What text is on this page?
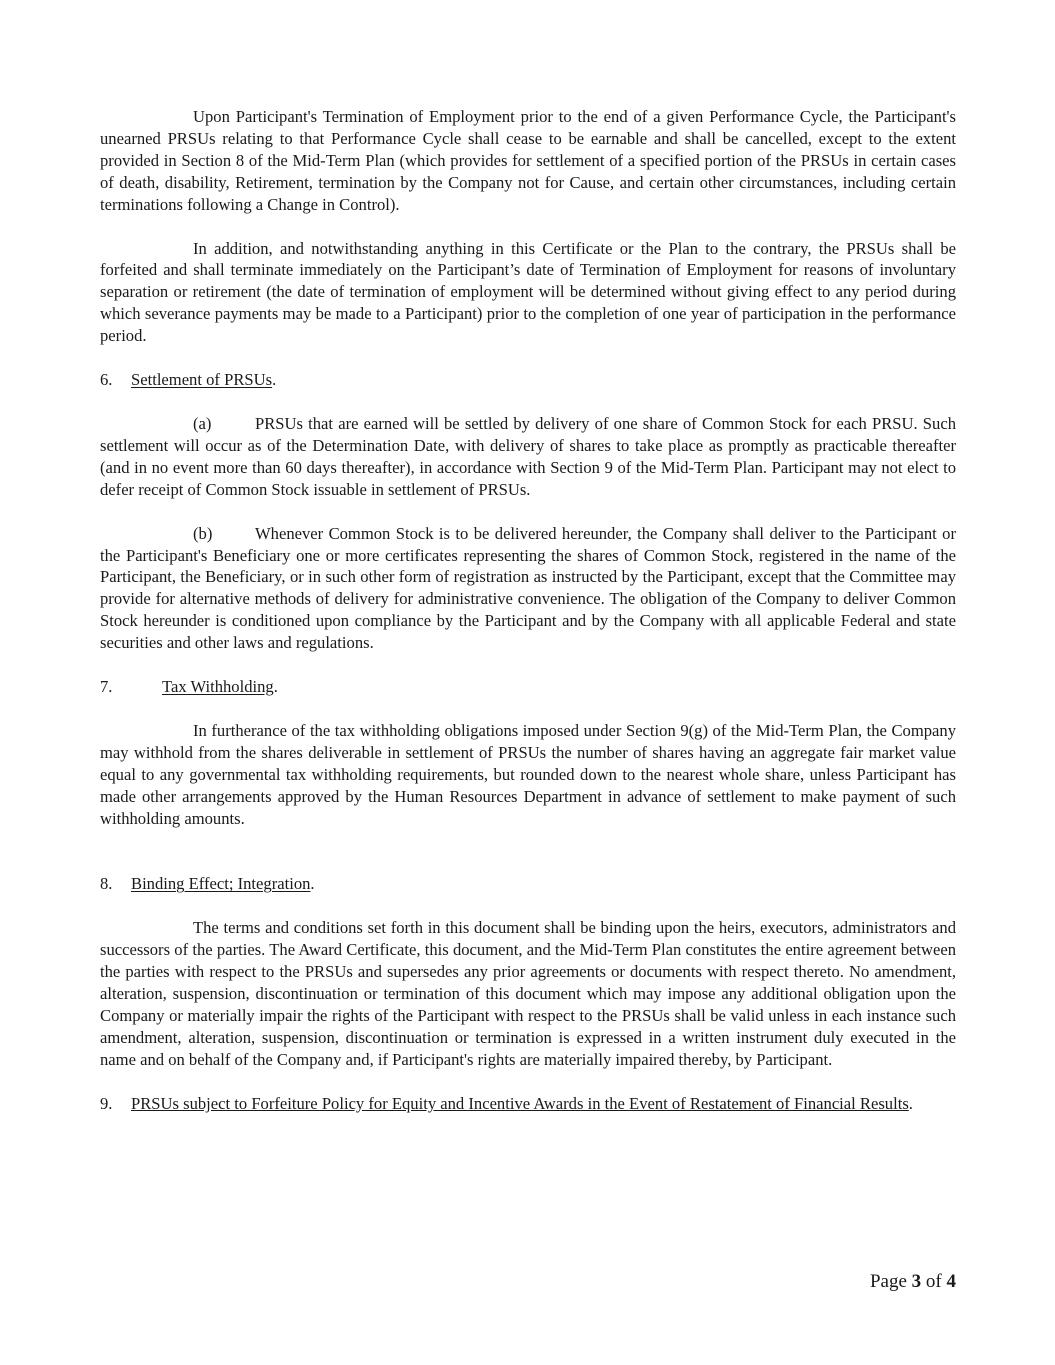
Upon Participant's Termination of Employment prior to the end of a given Performance Cycle, the Participant's unearned PRSUs relating to that Performance Cycle shall cease to be earnable and shall be cancelled, except to the extent provided in Section 8 of the Mid-Term Plan (which provides for settlement of a specified portion of the PRSUs in certain cases of death, disability, Retirement, termination by the Company not for Cause, and certain other circumstances, including certain terminations following a Change in Control).

In addition, and notwithstanding anything in this Certificate or the Plan to the contrary, the PRSUs shall be forfeited and shall terminate immediately on the Participant’s date of Termination of Employment for reasons of involuntary separation or retirement (the date of termination of employment will be determined without giving effect to any period during which severance payments may be made to a Participant) prior to the completion of one year of participation in the performance period.

6. Settlement of PRSUs.

(a)	PRSUs that are earned will be settled by delivery of one share of Common Stock for each PRSU. Such settlement will occur as of the Determination Date, with delivery of shares to take place as promptly as practicable thereafter (and in no event more than 60 days thereafter), in accordance with Section 9 of the Mid-Term Plan. Participant may not elect to defer receipt of Common Stock issuable in settlement of PRSUs.

(b)	Whenever Common Stock is to be delivered hereunder, the Company shall deliver to the Participant or the Participant's Beneficiary one or more certificates representing the shares of Common Stock, registered in the name of the Participant, the Beneficiary, or in such other form of registration as instructed by the Participant, except that the Committee may provide for alternative methods of delivery for administrative convenience. The obligation of the Company to deliver Common Stock hereunder is conditioned upon compliance by the Participant and by the Company with all applicable Federal and state securities and other laws and regulations.

7.	Tax Withholding.

In furtherance of the tax withholding obligations imposed under Section 9(g) of the Mid-Term Plan, the Company may withhold from the shares deliverable in settlement of PRSUs the number of shares having an aggregate fair market value equal to any governmental tax withholding requirements, but rounded down to the nearest whole share, unless Participant has made other arrangements approved by the Human Resources Department in advance of settlement to make payment of such withholding amounts.

8. Binding Effect; Integration.

The terms and conditions set forth in this document shall be binding upon the heirs, executors, administrators and successors of the parties. The Award Certificate, this document, and the Mid-Term Plan constitutes the entire agreement between the parties with respect to the PRSUs and supersedes any prior agreements or documents with respect thereto. No amendment, alteration, suspension, discontinuation or termination of this document which may impose any additional obligation upon the Company or materially impair the rights of the Participant with respect to the PRSUs shall be valid unless in each instance such amendment, alteration, suspension, discontinuation or termination is expressed in a written instrument duly executed in the name and on behalf of the Company and, if Participant's rights are materially impaired thereby, by Participant.

9. PRSUs subject to Forfeiture Policy for Equity and Incentive Awards in the Event of Restatement of Financial Results.

Page 3 of 4
